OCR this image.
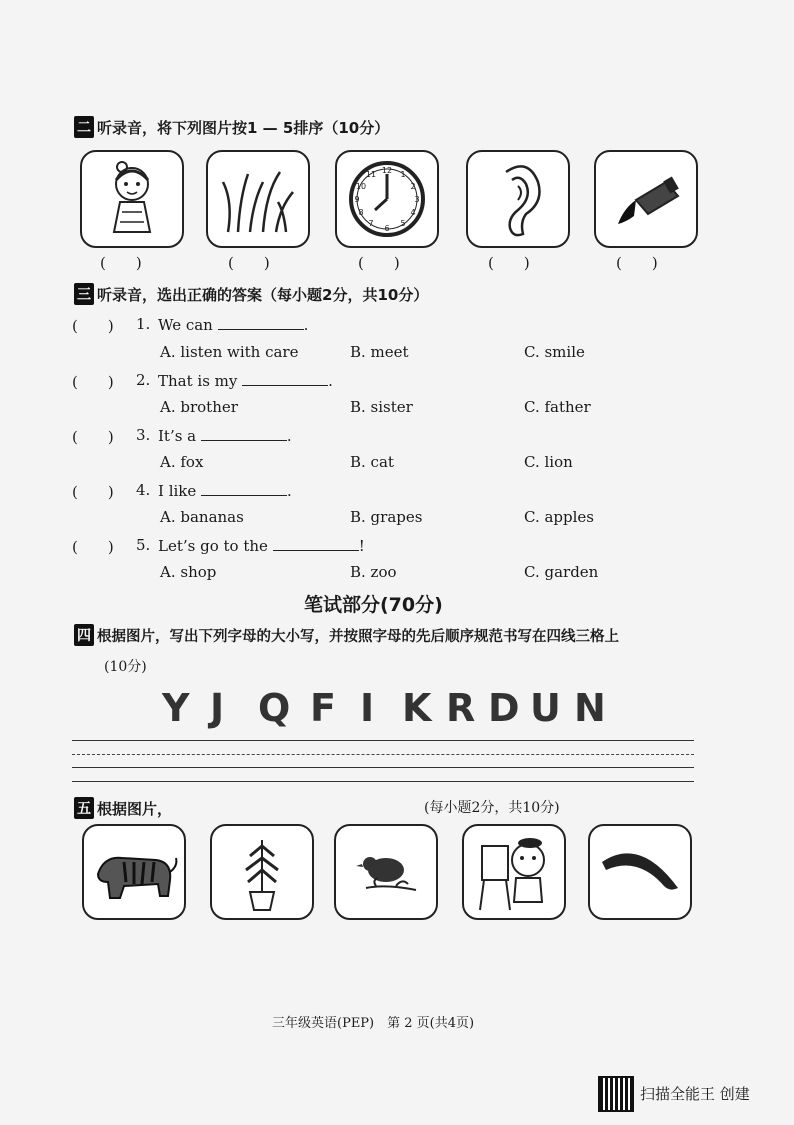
二 听录音，将下列图片按1 — 5排序（10分）
12 1
2
3
4
5
6
7
8
9
10
11
(　　)	(　　)	(　　)	(　　)	(　　)
三 听录音，选出正确的答案（每小题2分，共10分）
(　　) 1. We can	.
A. listen with care	B. meet	C. smile
(　　) 2. That is my	.
A. brother	B. sister	C. father
(　　) 3. It’s a	.
A. fox	B. cat	C. lion
(　　) 4. I like	.
A. bananas	B. grapes	C. apples
(　　) 5. Let’s go to the	!
A. shop	B. zoo	C. garden
笔试部分(70分)
四 根据图片，写出下列字母的大小写，并按照字母的先后顺序规范书写在四线三格上
(10分)
Y J Q F I K R D U N
五 根据图片，	(每小题2分，共10分)
三年级英语(PEP)　第 2 页(共4页)
扫描全能王 创建
